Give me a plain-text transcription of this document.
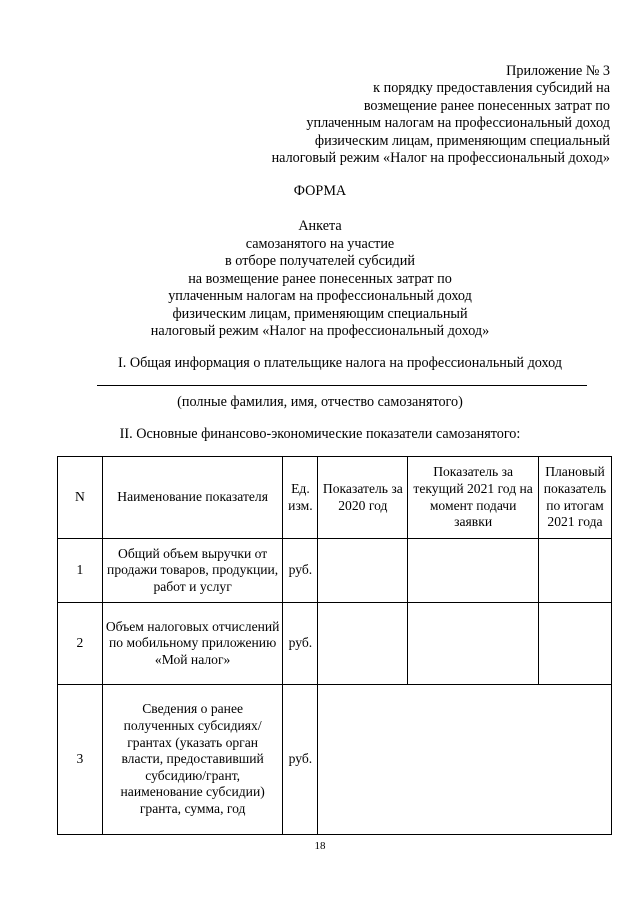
Приложение № 3
к порядку предоставления субсидий на
возмещение ранее понесенных затрат по
уплаченным налогам на профессиональный доход
физическим лицам, применяющим специальный
налоговый режим «Налог на профессиональный доход»
ФОРМА
Анкета
самозанятого на участие
в отборе получателей субсидий
на возмещение ранее понесенных затрат по
уплаченным налогам на профессиональный доход
физическим лицам, применяющим специальный
налоговый режим «Налог на профессиональный доход»
I. Общая информация о плательщике налога на профессиональный доход
(полные фамилия, имя, отчество самозанятого)
II. Основные финансово-экономические показатели самозанятого:
N	Наименование показателя	Ед. изм.	Показатель за 2020 год	Показатель за текущий 2021 год на момент подачи заявки	Плановый показатель по итогам 2021 года
1	Общий объем выручки от продажи товаров, продукции, работ и услуг	руб.			
2	Объем налоговых отчислений по мобильному приложению «Мой налог»	руб.			
3	Сведения о ранее полученных субсидиях/грантах (указать орган власти, предоставивший субсидию/грант, наименование субсидии) гранта, сумма, год	руб.			
18
